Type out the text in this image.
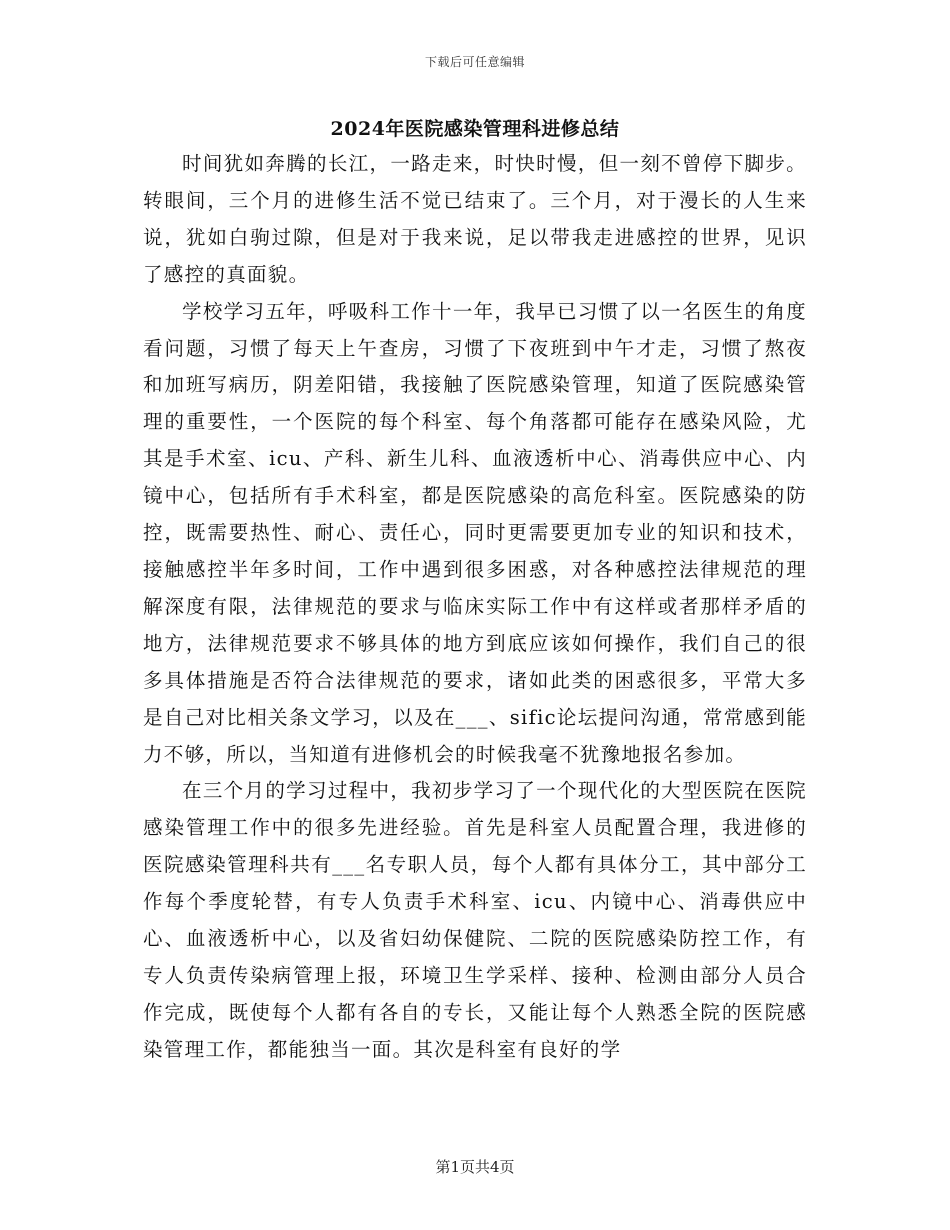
下载后可任意编辑
2024年医院感染管理科进修总结

时间犹如奔腾的长江，一路走来，时快时慢，但一刻不曾停下脚步。转眼间，三个月的进修生活不觉已结束了。三个月，对于漫长的人生来说，犹如白驹过隙，但是对于我来说，足以带我走进感控的世界，见识了感控的真面貌。

学校学习五年，呼吸科工作十一年，我早已习惯了以一名医生的角度看问题，习惯了每天上午查房，习惯了下夜班到中午才走，习惯了熬夜和加班写病历，阴差阳错，我接触了医院感染管理，知道了医院感染管理的重要性，一个医院的每个科室、每个角落都可能存在感染风险，尤其是手术室、icu、产科、新生儿科、血液透析中心、消毒供应中心、内镜中心，包括所有手术科室，都是医院感染的高危科室。医院感染的防控，既需要热性、耐心、责任心，同时更需要更加专业的知识和技术，接触感控半年多时间，工作中遇到很多困惑，对各种感控法律规范的理解深度有限，法律规范的要求与临床实际工作中有这样或者那样矛盾的地方，法律规范要求不够具体的地方到底应该如何操作，我们自己的很多具体措施是否符合法律规范的要求，诸如此类的困惑很多，平常大多是自己对比相关条文学习，以及在___、sific论坛提问沟通，常常感到能力不够，所以，当知道有进修机会的时候我毫不犹豫地报名参加。

在三个月的学习过程中，我初步学习了一个现代化的大型医院在医院感染管理工作中的很多先进经验。首先是科室人员配置合理，我进修的医院感染管理科共有___名专职人员，每个人都有具体分工，其中部分工作每个季度轮替，有专人负责手术科室、icu、内镜中心、消毒供应中心、血液透析中心，以及省妇幼保健院、二院的医院感染防控工作，有专人负责传染病管理上报，环境卫生学采样、接种、检测由部分人员合作完成，既使每个人都有各自的专长，又能让每个人熟悉全院的医院感染管理工作，都能独当一面。其次是科室有良好的学

第1页共4页
